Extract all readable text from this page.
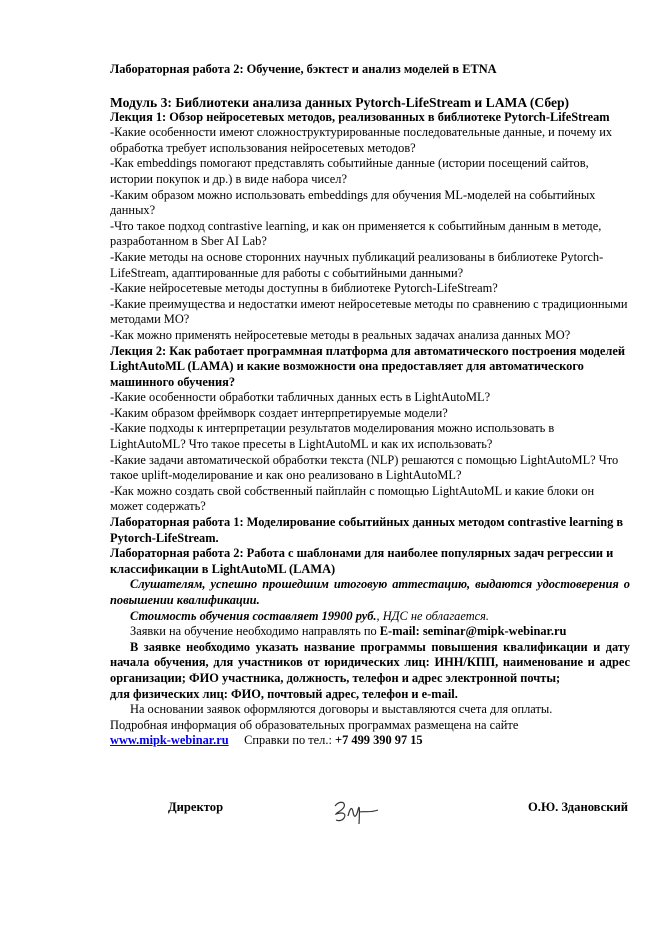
Лабораторная работа 2: Обучение, бэктест и анализ моделей в ETNA

Модуль 3: Библиотеки анализа данных Pytorch-LifeStream и LAMA (Сбер)

Лекция 1: Обзор нейросетевых методов, реализованных в библиотеке Pytorch-LifeStream

-Какие особенности имеют сложноструктурированные последовательные данные, и почему их обработка требует использования нейросетевых методов?

-Как embeddings помогают представлять событийные данные (истории посещений сайтов, истории покупок и др.) в виде набора чисел?

-Каким образом можно использовать embeddings для обучения ML-моделей на событийных данных?

-Что такое подход contrastive learning, и как он применяется к событийным данным в методе, разработанном в Sber AI Lab?

-Какие методы на основе сторонних научных публикаций реализованы в библиотеке Pytorch-LifeStream, адаптированные для работы с событийными данными?

-Какие нейросетевые методы доступны в библиотеке Pytorch-LifeStream?

-Какие преимущества и недостатки имеют нейросетевые методы по сравнению с традиционными методами МО?

-Как можно применять нейросетевые методы в реальных задачах анализа данных МО?

Лекция 2: Как работает программная платформа для автоматического построения моделей LightAutoML (LAMA) и какие возможности она предоставляет для автоматического машинного обучения?

-Какие особенности обработки табличных данных есть в LightAutoML?

-Каким образом фреймворк создает интерпретируемые модели?

-Какие подходы к интерпретации результатов моделирования можно использовать в LightAutoML? Что такое пресеты в LightAutoML и как их использовать?

-Какие задачи автоматической обработки текста (NLP) решаются с помощью LightAutoML? Что такое uplift-моделирование и как оно реализовано в LightAutoML?

-Как можно создать свой собственный пайплайн с помощью LightAutoML и какие блоки он может содержать?

Лабораторная работа 1: Моделирование событийных данных методом contrastive learning в Pytorch-LifeStream.

Лабораторная работа 2: Работа с шаблонами для наиболее популярных задач регрессии и классификации в LightAutoML (LAMA)

Слушателям, успешно прошедшим итоговую аттестацию, выдаются удостоверения о повышении квалификации.

Стоимость обучения составляет 19900 руб., НДС не облагается.

Заявки на обучение необходимо направлять по E-mail: seminar@mipk-webinar.ru

В заявке необходимо указать название программы повышения квалификации и дату начала обучения, для участников от юридических лиц: ИНН/КПП, наименование и адрес организации; ФИО участника, должность, телефон и адрес электронной почты;

для физических лиц: ФИО, почтовый адрес, телефон и e-mail.

На основании заявок оформляются договоры и выставляются счета для оплаты.

Подробная информация об образовательных программах размещена на сайте

www.mipk-webinar.ru Справки по тел.: +7 499 390 97 15

Директор	О.Ю. Здановский
